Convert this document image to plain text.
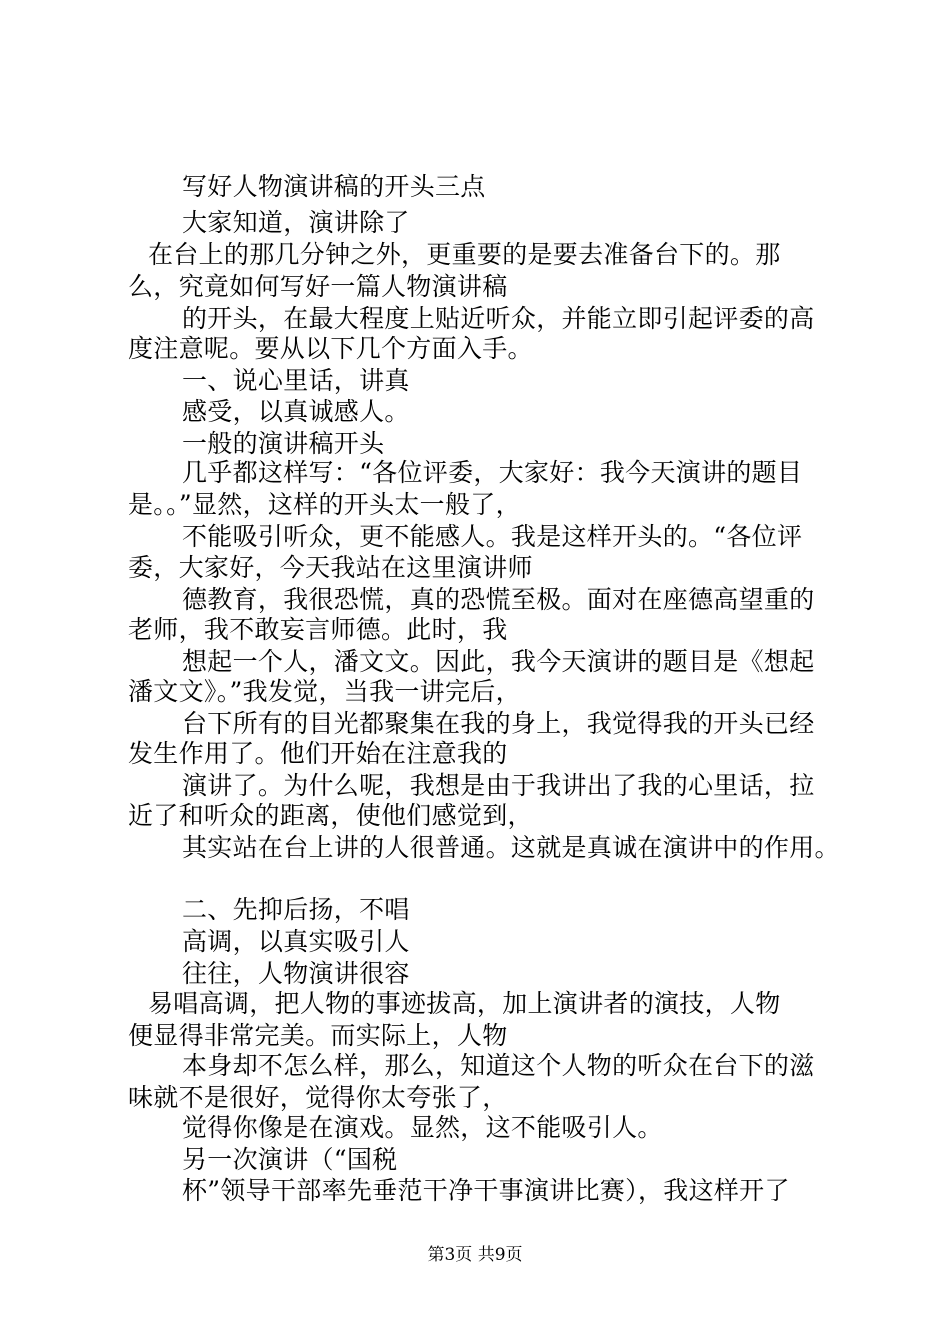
写好人物演讲稿的开头三点
大家知道，演讲除了
在台上的那几分钟之外，更重要的是要去准备台下的。那
么，究竟如何写好一篇人物演讲稿
的开头，在最大程度上贴近听众，并能立即引起评委的高
度注意呢。要从以下几个方面入手。
一、说心里话，讲真
感受，以真诚感人。
一般的演讲稿开头
几乎都这样写：“各位评委，大家好：我今天演讲的题目
是。。”显然，这样的开头太一般了，
不能吸引听众，更不能感人。我是这样开头的。“各位评
委，大家好，今天我站在这里演讲师
德教育，我很恐慌，真的恐慌至极。面对在座德高望重的
老师，我不敢妄言师德。此时，我
想起一个人，潘文文。因此，我今天演讲的题目是《想起
潘文文》。”我发觉，当我一讲完后，
台下所有的目光都聚集在我的身上，我觉得我的开头已经
发生作用了。他们开始在注意我的
演讲了。为什么呢，我想是由于我讲出了我的心里话，拉
近了和听众的距离，使他们感觉到，
其实站在台上讲的人很普通。这就是真诚在演讲中的作用。
二、先抑后扬，不唱
高调，以真实吸引人
往往，人物演讲很容
易唱高调，把人物的事迹拔高，加上演讲者的演技，人物
便显得非常完美。而实际上，人物
本身却不怎么样，那么，知道这个人物的听众在台下的滋
味就不是很好，觉得你太夸张了，
觉得你像是在演戏。显然，这不能吸引人。
另一次演讲（“国税
杯”领导干部率先垂范干净干事演讲比赛），我这样开了
第3页 共9页
